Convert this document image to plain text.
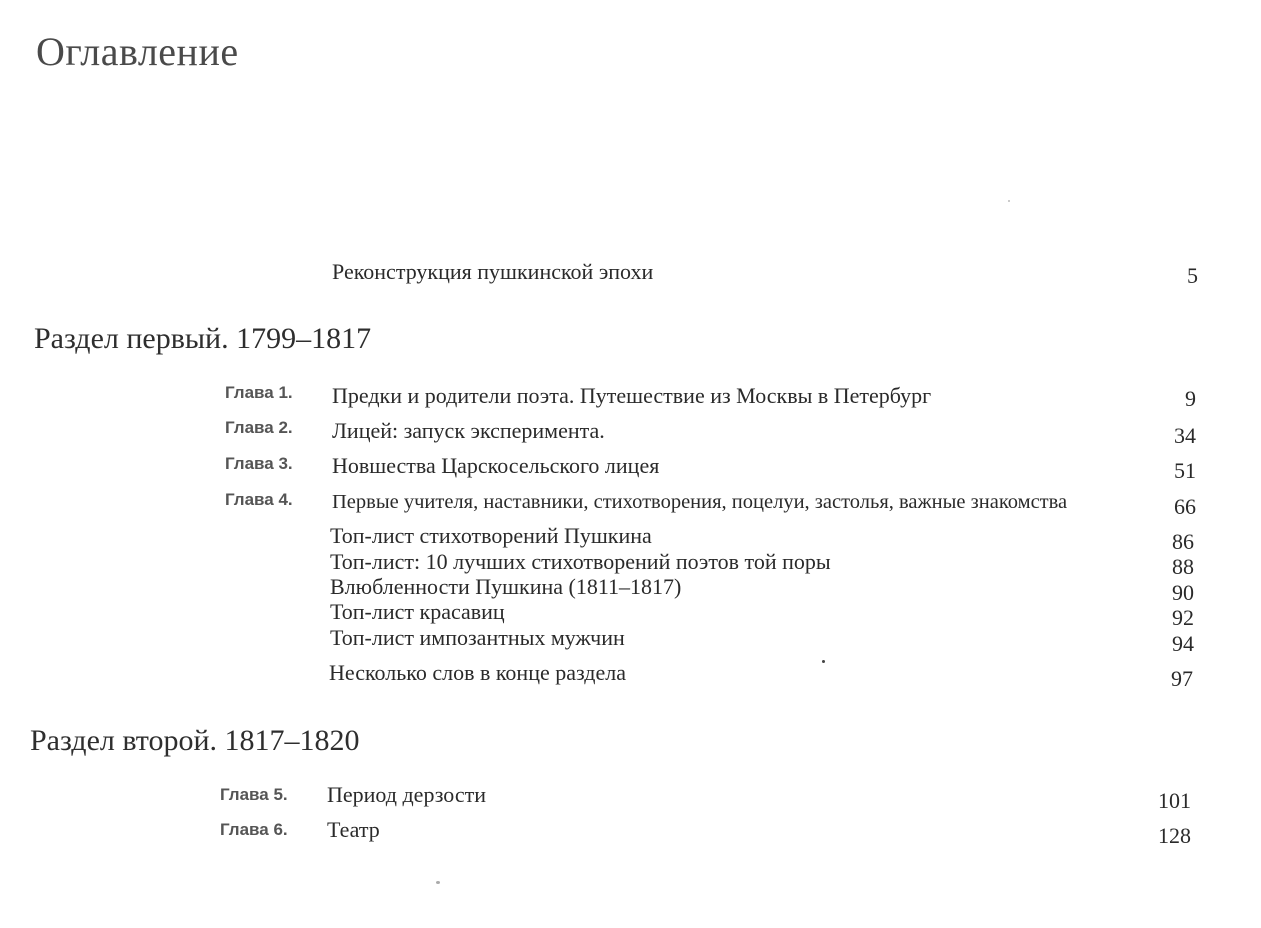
Оглавление
Реконструкция пушкинской эпохи	5
Раздел первый. 1799–1817
Глава 1. Предки и родители поэта. Путешествие из Москвы в Петербург	9
Глава 2. Лицей: запуск эксперимента.	34
Глава 3. Новшества Царскосельского лицея	51
Глава 4. Первые учителя, наставники, стихотворения, поцелуи, застолья, важные знакомства	66
Топ-лист стихотворений Пушкина	86
Топ-лист: 10 лучших стихотворений поэтов той поры	88
Влюбленности Пушкина (1811–1817)	90
Топ-лист красавиц	92
Топ-лист импозантных мужчин	94
Несколько слов в конце раздела	97
Раздел второй. 1817–1820
Глава 5. Период дерзости	101
Глава 6. Театр	128
